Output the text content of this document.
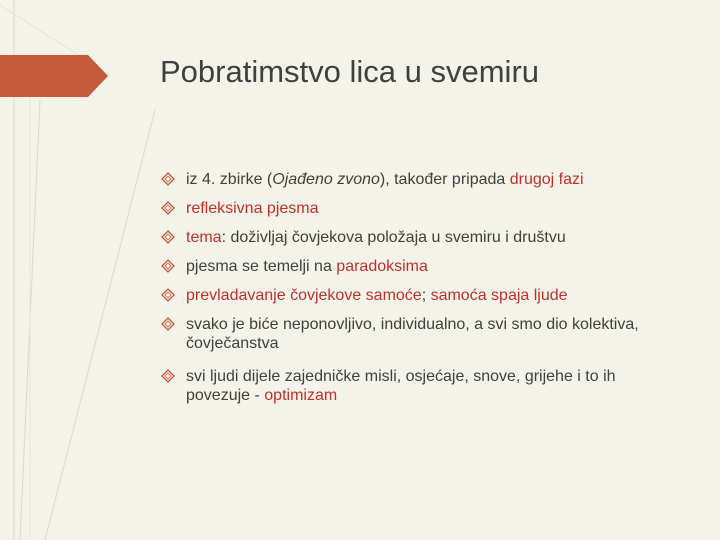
Pobratimstvo lica u svemiru
iz 4. zbirke (Ojađeno zvono), također pripada drugoj fazi
refleksivna pjesma
tema: doživljaj čovjekova položaja u svemiru i društvu
pjesma se temelji na paradoksima
prevladavanje čovjekove samoće; samoća spaja ljude
svako je biće neponovljivo, individualno, a svi smo dio kolektiva, čovječanstva
svi ljudi dijele zajedničke misli, osjećaje, snove, grijehe i to ih povezuje - optimizam
